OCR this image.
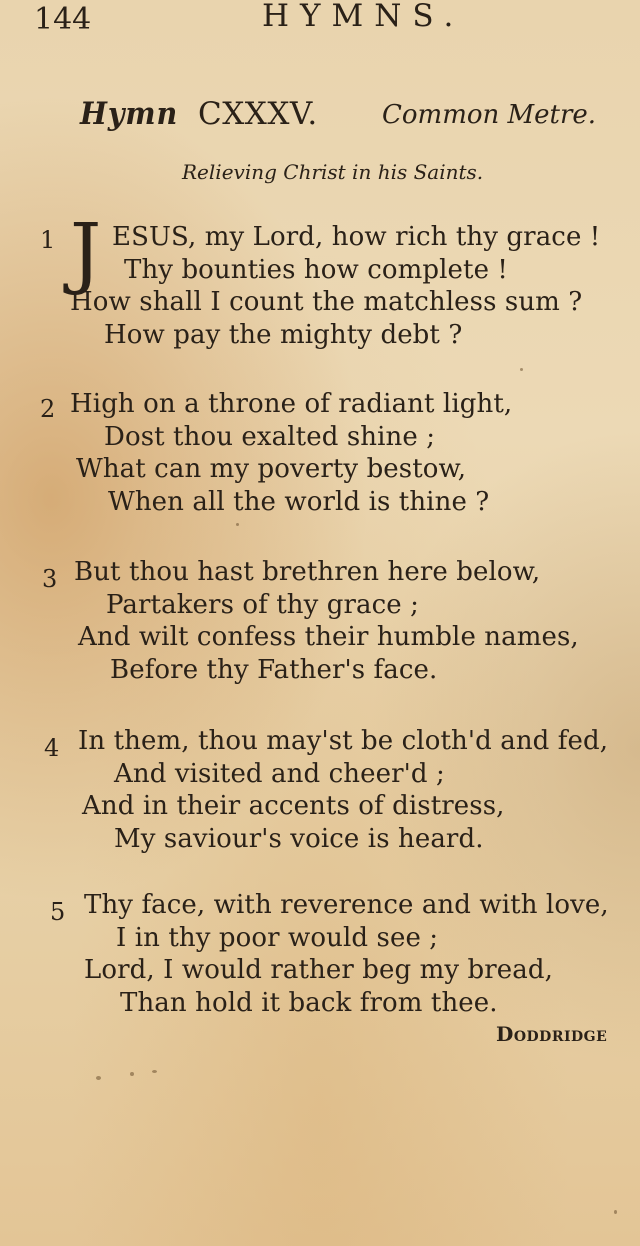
144	HYMNS.
Hymn CXXXV. Common Metre.
Relieving Christ in his Saints.
1 J ESUS, my Lord, how rich thy grace !
Thy bounties how complete !
How shall I count the matchless sum ?
How pay the mighty debt ?
2 High on a throne of radiant light,
Dost thou exalted shine ;
What can my poverty bestow,
When all the world is thine ?
3 But thou hast brethren here below,
Partakers of thy grace ;
And wilt confess their humble names,
Before thy Father's face.
4 In them, thou may'st be cloth'd and fed,
And visited and cheer'd ;
And in their accents of distress,
My saviour's voice is heard.
5 Thy face, with reverence and with love,
I in thy poor would see ;
Lord, I would rather beg my bread,
Than hold it back from thee.
Doddridge
